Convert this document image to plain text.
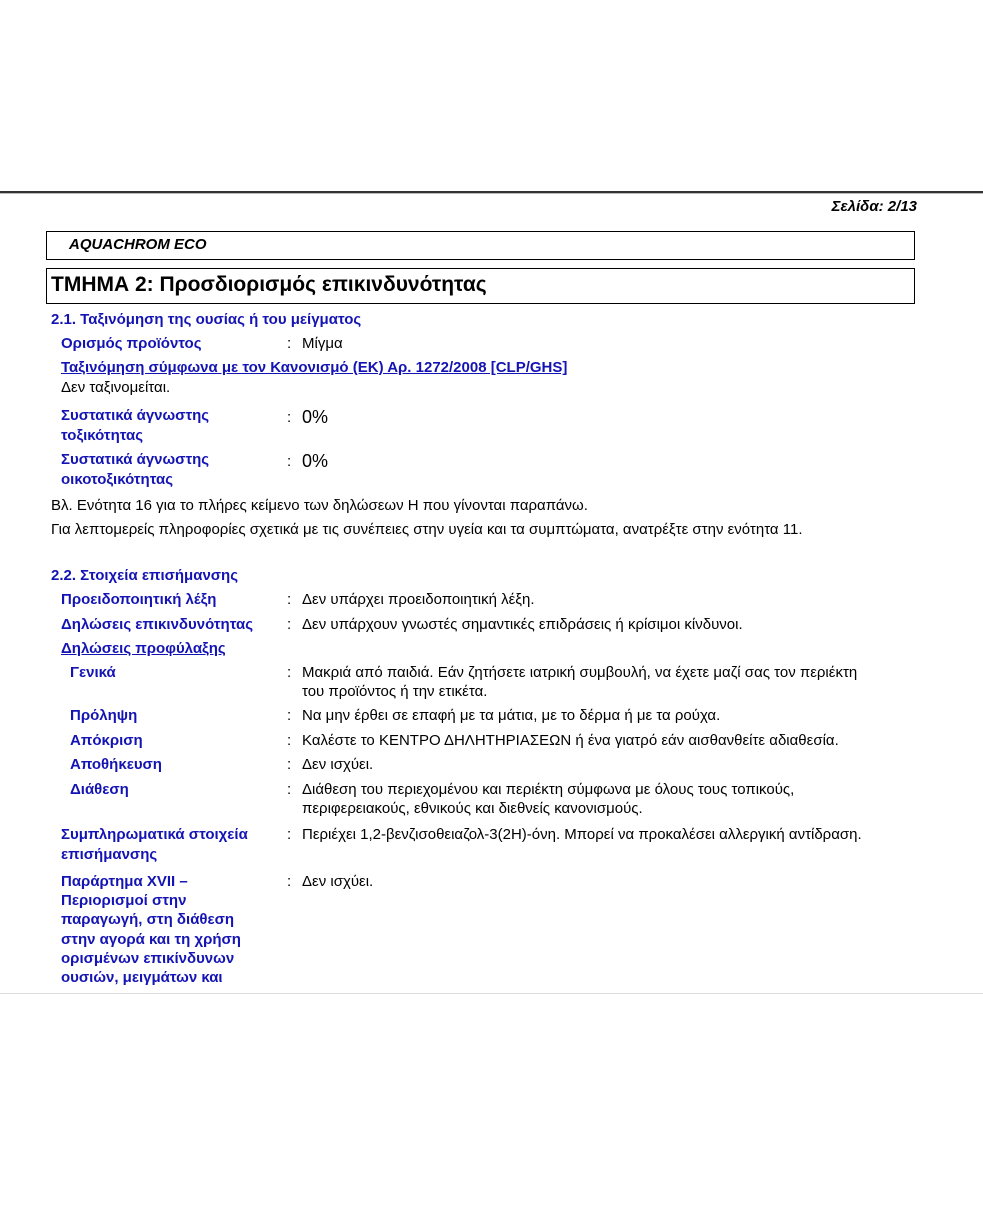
Σελίδα: 2/13
AQUACHROM ECO
ΤΜΗΜΑ 2: Προσδιορισμός επικινδυνότητας
2.1. Ταξινόμηση της ουσίας ή του μείγματος
Ορισμός προϊόντος	: Μίγμα
Ταξινόμηση σύμφωνα με τον Κανονισμό (ΕΚ) Αρ. 1272/2008 [CLP/GHS]
Δεν ταξινομείται.
Συστατικά άγνωστης
τοξικότητας
: 0%
Συστατικά άγνωστης
οικοτοξικότητας
: 0%
Βλ. Ενότητα 16 για το πλήρες κείμενο των δηλώσεων Η που γίνονται παραπάνω.
Για λεπτομερείς πληροφορίες σχετικά με τις συνέπειες στην υγεία και τα συμπτώματα, ανατρέξτε στην ενότητα 11.
2.2. Στοιχεία επισήμανσης
Προειδοποιητική λέξη	: Δεν υπάρχει προειδοποιητική λέξη.
Δηλώσεις επικινδυνότητας : Δεν υπάρχουν γνωστές σημαντικές επιδράσεις ή κρίσιμοι κίνδυνοι.
Δηλώσεις προφύλαξης
Γενικά	: Μακριά από παιδιά. Εάν ζητήσετε ιατρική συμβουλή, να έχετε μαζί σας τον περιέκτη
του προϊόντος ή την ετικέτα.
Πρόληψη	: Να μην έρθει σε επαφή με τα μάτια, με το δέρμα ή με τα ρούχα.
Απόκριση	: Καλέστε το ΚΕΝΤΡΟ ΔΗΛΗΤΗΡΙΑΣΕΩΝ ή ένα γιατρό εάν αισθανθείτε αδιαθεσία.
Αποθήκευση	: Δεν ισχύει.
Διάθεση	: Διάθεση του περιεχομένου και περιέκτη σύμφωνα με όλους τους τοπικούς,
περιφερειακούς, εθνικούς και διεθνείς κανονισμούς.
Συμπληρωματικά στοιχεία
επισήμανσης
: Περιέχει 1,2-βενζισοθειαζολ-3(2H)-όνη. Μπορεί να προκαλέσει αλλεργική αντίδραση.
Παράρτημα XVII –
Περιορισμοί στην
παραγωγή, στη διάθεση
στην αγορά και τη χρήση
ορισμένων επικίνδυνων
ουσιών, μειγμάτων και
: Δεν ισχύει.
